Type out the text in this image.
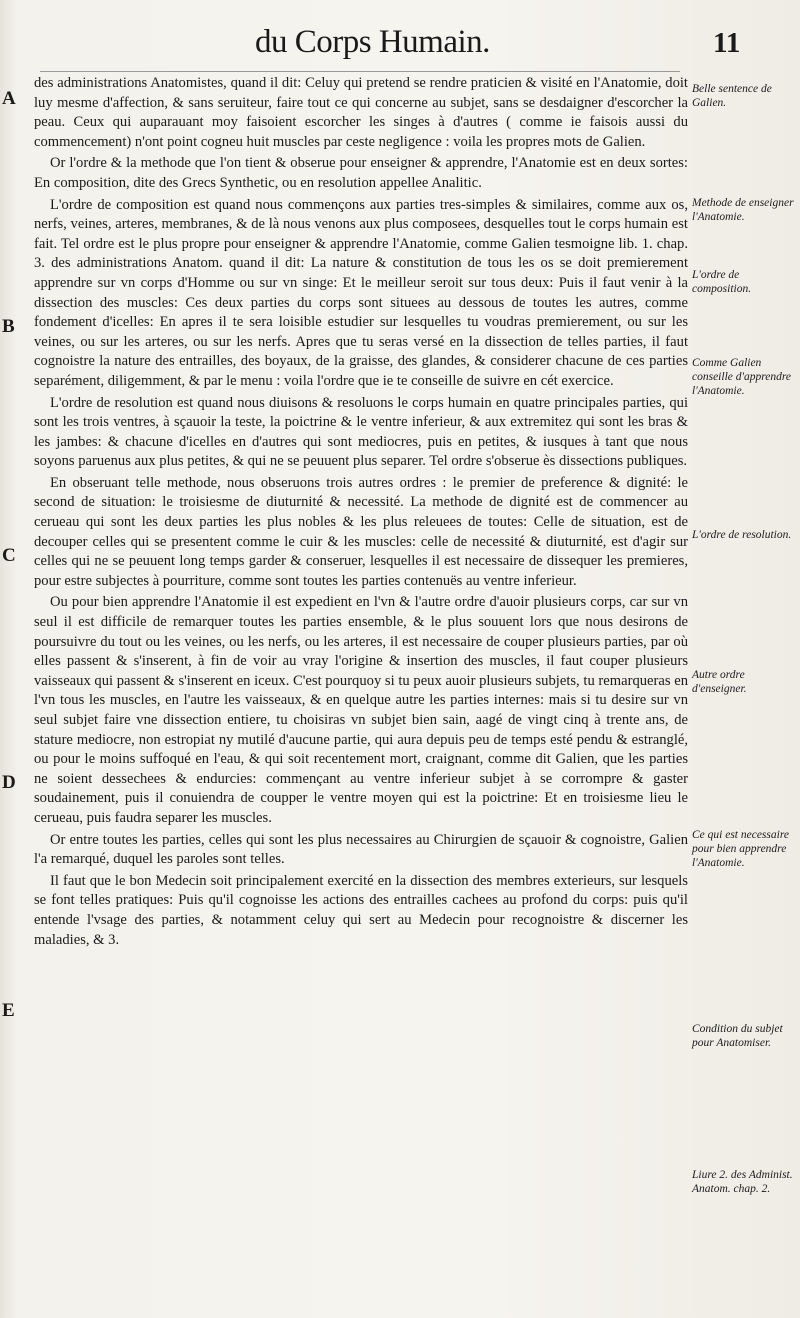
du Corps Humain.	11
A
B
C
D
E

des administrations Anatomistes, quand il dit: Celuy qui pretend se rendre praticien & visité en l'Anatomie, doit luy mesme d'affection, & sans seruiteur, faire tout ce qui concerne au subjet, sans se desdaigner d'escorcher la peau. Ceux qui auparauant moy faisoient escorcher les singes à d'autres ( comme ie faisois aussi du commencement) n'ont point cogneu huit muscles par ceste negligence : voila les propres mots de Galien.

Or l'ordre & la methode que l'on tient & obserue pour enseigner & apprendre, l'Anatomie est en deux sortes: En composition, dite des Grecs Synthetic, ou en resolution appellee Analitic.

L'ordre de composition est quand nous commençons aux parties tres-simples & similaires, comme aux os, nerfs, veines, arteres, membranes, & de là nous venons aux plus composees, desquelles tout le corps humain est fait. Tel ordre est le plus propre pour enseigner & apprendre l'Anatomie, comme Galien tesmoigne lib. 1. chap. 3. des administrations Anatom. quand il dit: La nature & constitution de tous les os se doit premierement apprendre sur vn corps d'Homme ou sur vn singe: Et le meilleur seroit sur tous deux: Puis il faut venir à la dissection des muscles: Ces deux parties du corps sont situees au dessous de toutes les autres, comme fondement d'icelles: En apres il te sera loisible estudier sur lesquelles tu voudras premierement, ou sur les veines, ou sur les arteres, ou sur les nerfs. Apres que tu seras versé en la dissection de telles parties, il faut cognoistre la nature des entrailles, des boyaux, de la graisse, des glandes, & considerer chacune de ces parties separément, diligemment, & par le menu : voila l'ordre que ie te conseille de suivre en cét exercice.

L'ordre de resolution est quand nous diuisons & resoluons le corps humain en quatre principales parties, qui sont les trois ventres, à sçauoir la teste, la poictrine & le ventre inferieur, & aux extremitez qui sont les bras & les jambes: & chacune d'icelles en d'autres qui sont mediocres, puis en petites, & iusques à tant que nous soyons paruenus aux plus petites, & qui ne se peuuent plus separer. Tel ordre s'obserue ès dissections publiques.

En obseruant telle methode, nous obseruons trois autres ordres : le premier de preference & dignité: le second de situation: le troisiesme de diuturnité & necessité. La methode de dignité est de commencer au cerueau qui sont les deux parties les plus nobles & les plus releuees de toutes: Celle de situation, est de decouper celles qui se presentent comme le cuir & les muscles: celle de necessité & diuturnité, est d'agir sur celles qui ne se peuuent long temps garder & conseruer, lesquelles il est necessaire de dissequer les premieres, pour estre subjectes à pourriture, comme sont toutes les parties contenuës au ventre inferieur.

Ou pour bien apprendre l'Anatomie il est expedient en l'vn & l'autre ordre d'auoir plusieurs corps, car sur vn seul il est difficile de remarquer toutes les parties ensemble, & le plus souuent lors que nous desirons de poursuivre du tout ou les veines, ou les nerfs, ou les arteres, il est necessaire de couper plusieurs parties, par où elles passent & s'inserent, à fin de voir au vray l'origine & insertion des muscles, il faut couper plusieurs vaisseaux qui passent & s'inserent en iceux. C'est pourquoy si tu peux auoir plusieurs subjets, tu remarqueras en l'vn tous les muscles, en l'autre les vaisseaux, & en quelque autre les parties internes: mais si tu desire sur vn seul subjet faire vne dissection entiere, tu choisiras vn subjet bien sain, aagé de vingt cinq à trente ans, de stature mediocre, non estropiat ny mutilé d'aucune partie, qui aura depuis peu de temps esté pendu & estranglé, ou pour le moins suffoqué en l'eau, & qui soit recentement mort, craignant, comme dit Galien, que les parties ne soient dessechees & endurcies: commençant au ventre inferieur subjet à se corrompre & gaster soudainement, puis il conuiendra de coupper le ventre moyen qui est la poictrine: Et en troisiesme lieu le cerueau, puis faudra separer les muscles.

Or entre toutes les parties, celles qui sont les plus necessaires au Chirurgien de sçauoir & cognoistre, Galien l'a remarqué, duquel les paroles sont telles.

Il faut que le bon Medecin soit principalement exercité en la dissection des membres exterieurs, sur lesquels se font telles pratiques: Puis qu'il cognoisse les actions des entrailles cachees au profond du corps: puis qu'il entende l'vsage des parties, & notamment celuy qui sert au Medecin pour recognoistre & discerner les maladies, & 3.

Belle sentence de Galien.
Methode de enseigner l'Anatomie.
L'ordre de composition.
Comme Galien conseille d'apprendre l'Anatomie.
L'ordre de resolution.
Autre ordre d'enseigner.
Ce qui est necessaire pour bien apprendre l'Anatomie.
Condition du subjet pour Anatomiser.
Liure 2. des Administ. Anatom. chap. 2.
